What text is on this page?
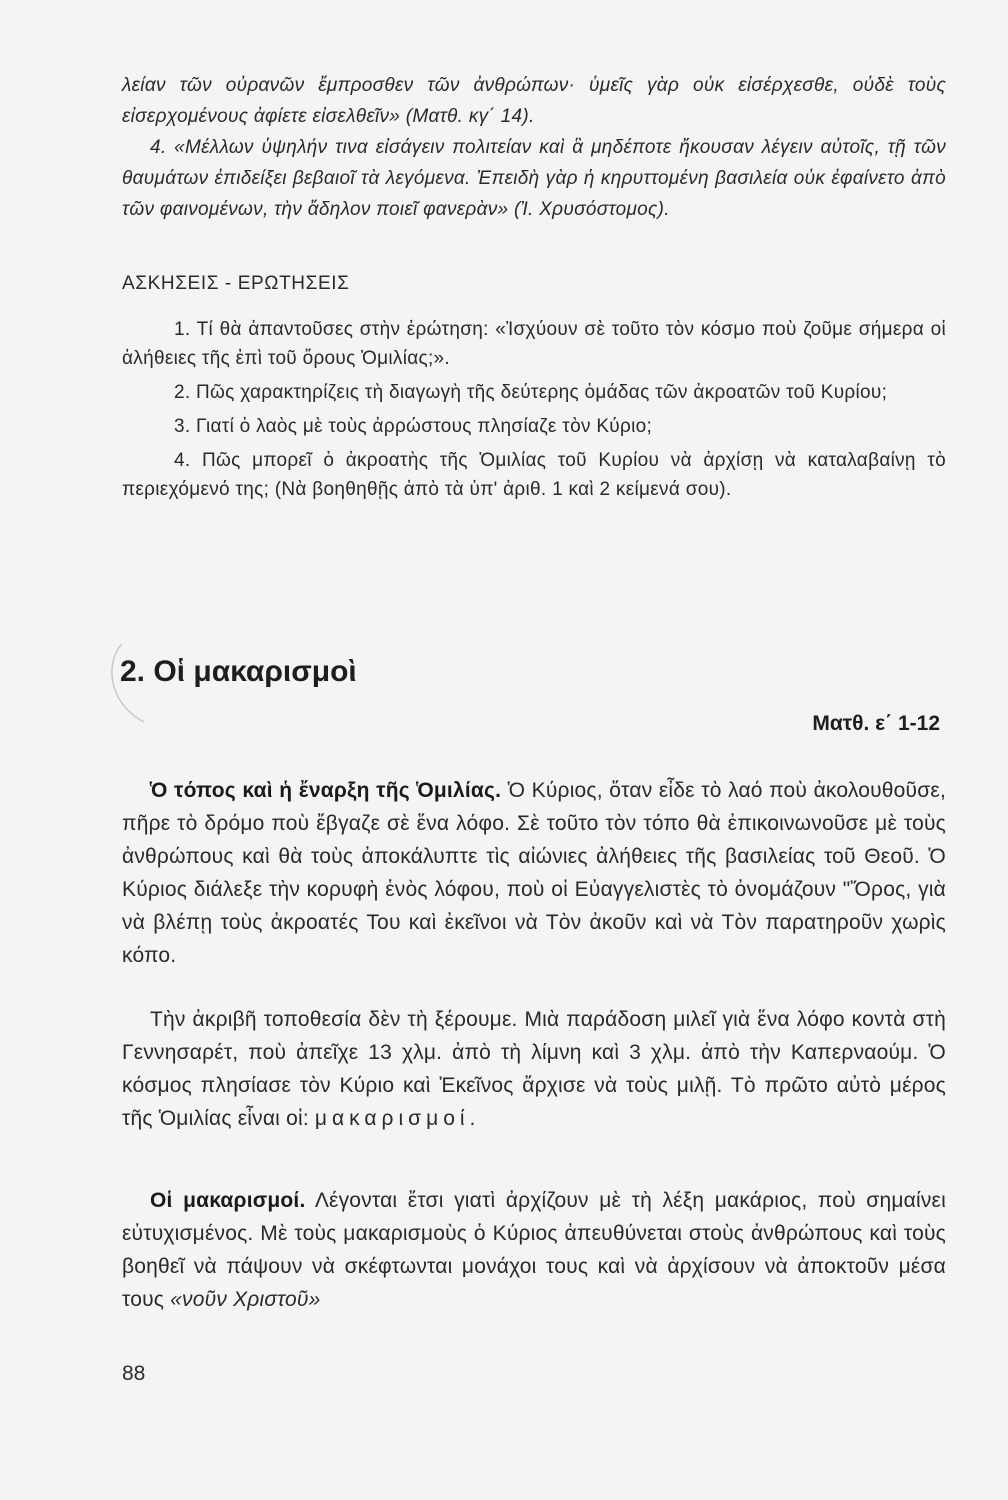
λείαν τῶν οὐρανῶν ἔμπροσθεν τῶν ἀνθρώπων· ὑμεῖς γὰρ οὐκ εἰσέρχεσθε, οὐδὲ τοὺς εἰσερχομένους ἀφίετε εἰσελθεῖν» (Ματθ. κγ΄ 14).

4. «Μέλλων ὑψηλήν τινα εἰσάγειν πολιτείαν καὶ ἃ μηδέποτε ἤκουσαν λέγειν αὐτοῖς, τῇ τῶν θαυμάτων ἐπιδείξει βεβαιοῖ τὰ λεγόμενα. Ἐπειδὴ γὰρ ἡ κηρυττομένη βασιλεία οὐκ ἐφαίνετο ἀπὸ τῶν φαινομένων, τὴν ἄδηλον ποιεῖ φανερὰν» (Ἰ. Χρυσόστομος).

ΑΣΚΗΣΕΙΣ - ΕΡΩΤΗΣΕΙΣ

1. Τί θὰ ἀπαντοῦσες στὴν ἐρώτηση: «Ἰσχύουν σὲ τοῦτο τὸν κόσμο ποὺ ζοῦμε σήμερα οἱ ἀλήθειες τῆς ἐπὶ τοῦ ὄρους Ὁμιλίας;».

2. Πῶς χαρακτηρίζεις τὴ διαγωγὴ τῆς δεύτερης ὁμάδας τῶν ἀκροατῶν τοῦ Κυρίου;

3. Γιατί ὁ λαὸς μὲ τοὺς ἀρρώστους πλησίαζε τὸν Κύριο;

4. Πῶς μπορεῖ ὁ ἀκροατὴς τῆς Ὁμιλίας τοῦ Κυρίου νὰ ἀρχίσῃ νὰ καταλαβαίνῃ τὸ περιεχόμενό της; (Νὰ βοηθηθῇς ἀπὸ τὰ ὑπ' ἀριθ. 1 καὶ 2 κείμενά σου).

2. Οἱ μακαρισμοὶ
Ματθ. ε΄ 1-12

Ὁ τόπος καὶ ἡ ἔναρξη τῆς Ὁμιλίας. Ὁ Κύριος, ὅταν εἶδε τὸ λαό ποὺ ἀκολουθοῦσε, πῆρε τὸ δρόμο ποὺ ἔβγαζε σὲ ἕνα λόφο. Σὲ τοῦτο τὸν τόπο θὰ ἐπικοινωνοῦσε μὲ τοὺς ἀνθρώπους καὶ θὰ τοὺς ἀποκάλυπτε τὶς αἰώνιες ἀλήθειες τῆς βασιλείας τοῦ Θεοῦ. Ὁ Κύριος διάλεξε τὴν κορυφὴ ἑνὸς λόφου, ποὺ οἱ Εὐαγγελιστὲς τὸ ὀνομάζουν "Ὄρος, γιὰ νὰ βλέπῃ τοὺς ἀκροατές Του καὶ ἐκεῖνοι νὰ Τὸν ἀκοῦν καὶ νὰ Τὸν παρατηροῦν χωρὶς κόπο.

Τὴν ἀκριβῆ τοποθεσία δὲν τὴ ξέρουμε. Μιὰ παράδοση μιλεῖ γιὰ ἕνα λόφο κοντὰ στὴ Γεννησαρέτ, ποὺ ἀπεῖχε 13 χλμ. ἀπὸ τὴ λίμνη καὶ 3 χλμ. ἀπὸ τὴν Καπερναούμ. Ὁ κόσμος πλησίασε τὸν Κύριο καὶ Ἐκεῖνος ἄρχισε νὰ τοὺς μιλῇ. Τὸ πρῶτο αὐτὸ μέρος τῆς Ὁμιλίας εἶναι οἱ: μακαρισμοί.

Οἱ μακαρισμοί. Λέγονται ἔτσι γιατὶ ἀρχίζουν μὲ τὴ λέξη μακάριος, ποὺ σημαίνει εὐτυχισμένος. Μὲ τοὺς μακαρισμοὺς ὁ Κύριος ἀπευθύνεται στοὺς ἀνθρώπους καὶ τοὺς βοηθεῖ νὰ πάψουν νὰ σκέφτωνται μονάχοι τους καὶ νὰ ἀρχίσουν νὰ ἀποκτοῦν μέσα τους «νοῦν Χριστοῦ»

88
